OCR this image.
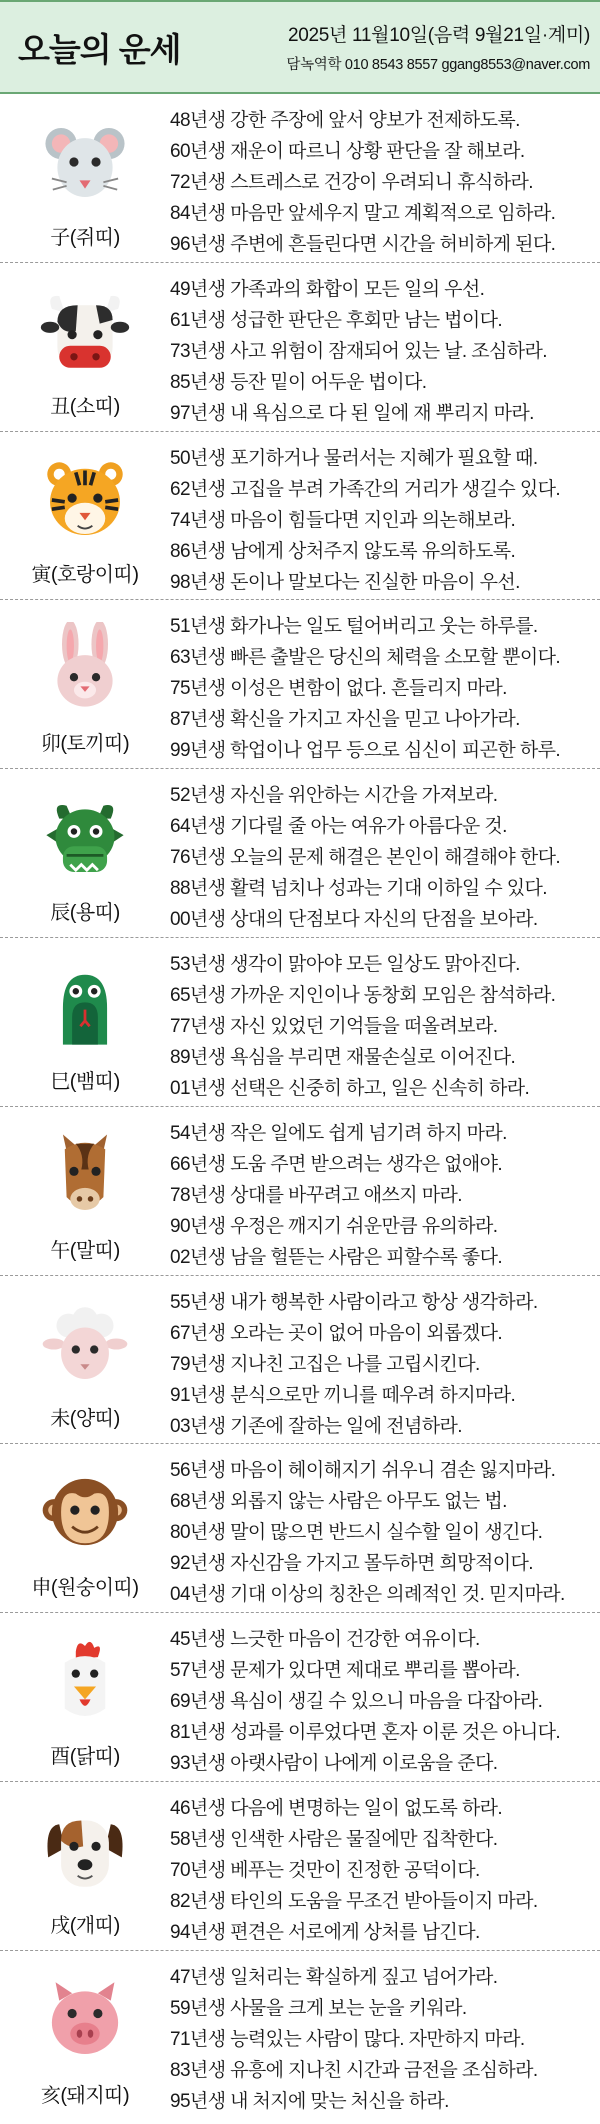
오늘의 운세	2025년 11월10일(음력 9월21일·계미)
담녹역학 010 8543 8557 ggang8553@naver.com
子(쥐띠)
48년생 강한 주장에 앞서 양보가 전제하도록.
60년생 재운이 따르니 상황 판단을 잘 해보라.
72년생 스트레스로 건강이 우려되니 휴식하라.
84년생 마음만 앞세우지 말고 계획적으로 임하라.
96년생 주변에 흔들린다면 시간을 허비하게 된다.
丑(소띠)
49년생 가족과의 화합이 모든 일의 우선.
61년생 성급한 판단은 후회만 남는 법이다.
73년생 사고 위험이 잠재되어 있는 날. 조심하라.
85년생 등잔 밑이 어두운 법이다.
97년생 내 욕심으로 다 된 일에 재 뿌리지 마라.
寅(호랑이띠)
50년생 포기하거나 물러서는 지혜가 필요할 때.
62년생 고집을 부려 가족간의 거리가 생길수 있다.
74년생 마음이 힘들다면 지인과 의논해보라.
86년생 남에게 상처주지 않도록 유의하도록.
98년생 돈이나 말보다는 진실한 마음이 우선.
卯(토끼띠)
51년생 화가나는 일도 털어버리고 웃는 하루를.
63년생 빠른 출발은 당신의 체력을 소모할 뿐이다.
75년생 이성은 변함이 없다. 흔들리지 마라.
87년생 확신을 가지고 자신을 믿고 나아가라.
99년생 학업이나 업무 등으로 심신이 피곤한 하루.
辰(용띠)
52년생 자신을 위안하는 시간을 가져보라.
64년생 기다릴 줄 아는 여유가 아름다운 것.
76년생 오늘의 문제 해결은 본인이 해결해야 한다.
88년생 활력 넘치나 성과는 기대 이하일 수 있다.
00년생 상대의 단점보다 자신의 단점을 보아라.
巳(뱀띠)
53년생 생각이 맑아야 모든 일상도 맑아진다.
65년생 가까운 지인이나 동창회 모임은 참석하라.
77년생 자신 있었던 기억들을 떠올려보라.
89년생 욕심을 부리면 재물손실로 이어진다.
01년생 선택은 신중히 하고, 일은 신속히 하라.
午(말띠)
54년생 작은 일에도 쉽게 넘기려 하지 마라.
66년생 도움 주면 받으려는 생각은 없애야.
78년생 상대를 바꾸려고 애쓰지 마라.
90년생 우정은 깨지기 쉬운만큼 유의하라.
02년생 남을 헐뜯는 사람은 피할수록 좋다.
未(양띠)
55년생 내가 행복한 사람이라고 항상 생각하라.
67년생 오라는 곳이 없어 마음이 외롭겠다.
79년생 지나친 고집은 나를 고립시킨다.
91년생 분식으로만 끼니를 떼우려 하지마라.
03년생 기존에 잘하는 일에 전념하라.
申(원숭이띠)
56년생 마음이 헤이해지기 쉬우니 겸손 잃지마라.
68년생 외롭지 않는 사람은 아무도 없는 법.
80년생 말이 많으면 반드시 실수할 일이 생긴다.
92년생 자신감을 가지고 몰두하면 희망적이다.
04년생 기대 이상의 칭찬은 의례적인 것. 믿지마라.
酉(닭띠)
45년생 느긋한 마음이 건강한 여유이다.
57년생 문제가 있다면 제대로 뿌리를 뽑아라.
69년생 욕심이 생길 수 있으니 마음을 다잡아라.
81년생 성과를 이루었다면 혼자 이룬 것은 아니다.
93년생 아랫사람이 나에게 이로움을 준다.
戌(개띠)
46년생 다음에 변명하는 일이 없도록 하라.
58년생 인색한 사람은 물질에만 집착한다.
70년생 베푸는 것만이 진정한 공덕이다.
82년생 타인의 도움을 무조건 받아들이지 마라.
94년생 편견은 서로에게 상처를 남긴다.
亥(돼지띠)
47년생 일처리는 확실하게 짚고 넘어가라.
59년생 사물을 크게 보는 눈을 키워라.
71년생 능력있는 사람이 많다. 자만하지 마라.
83년생 유흥에 지나친 시간과 금전을 조심하라.
95년생 내 처지에 맞는 처신을 하라.
